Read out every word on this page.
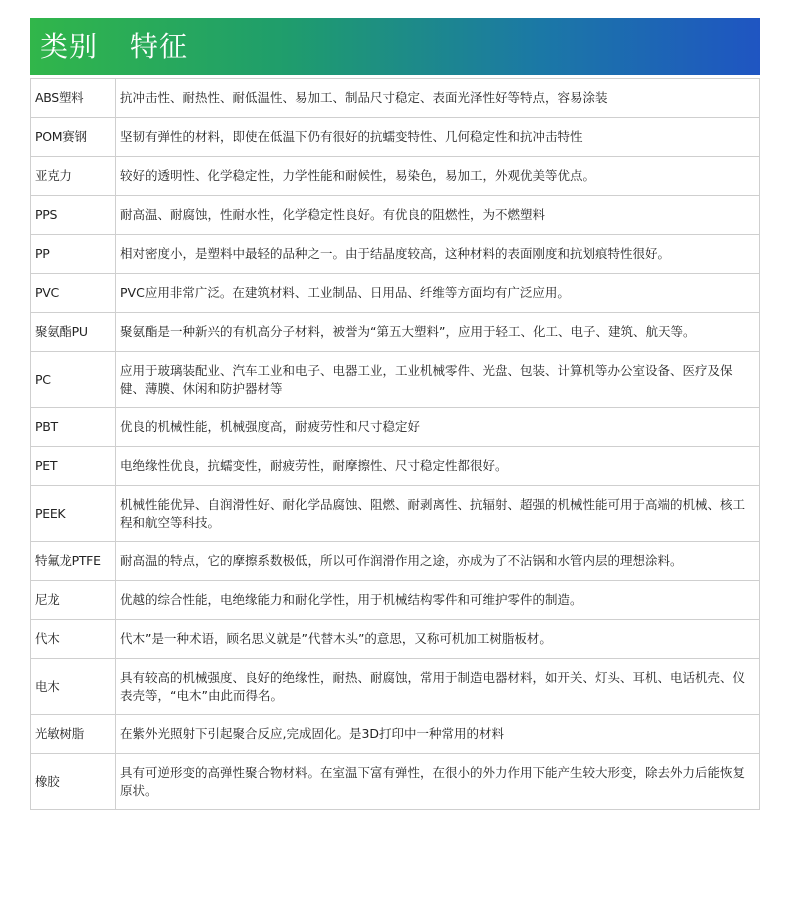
类别 特征
ABS塑料	抗冲击性、耐热性、耐低温性、易加工、制品尺寸稳定、表面光泽性好等特点，容易涂装
POM赛钢	坚韧有弹性的材料，即使在低温下仍有很好的抗蠕变特性、几何稳定性和抗冲击特性
亚克力	较好的透明性、化学稳定性，力学性能和耐候性，易染色，易加工，外观优美等优点。
PPS	耐高温、耐腐蚀，性耐水性，化学稳定性良好。有优良的阻燃性，为不燃塑料
PP	相对密度小，是塑料中最轻的品种之一。由于结晶度较高，这种材料的表面刚度和抗划痕特性很好。
PVC	PVC应用非常广泛。在建筑材料、工业制品、日用品、纤维等方面均有广泛应用。
聚氨酯PU	聚氨酯是一种新兴的有机高分子材料，被誉为“第五大塑料”，应用于轻工、化工、电子、建筑、航天等。
PC	应用于玻璃装配业、汽车工业和电子、电器工业，工业机械零件、光盘、包装、计算机等办公室设备、医疗及保健、薄膜、休闲和防护器材等
PBT	优良的机械性能，机械强度高，耐疲劳性和尺寸稳定好
PET	电绝缘性优良，抗蠕变性，耐疲劳性，耐摩擦性、尺寸稳定性都很好。
PEEK	机械性能优异、自润滑性好、耐化学品腐蚀、阻燃、耐剥离性、抗辐射、超强的机械性能可用于高端的机械、核工程和航空等科技。
特氟龙PTFE	耐高温的特点，它的摩擦系数极低，所以可作润滑作用之途，亦成为了不沾锅和水管内层的理想涂料。
尼龙	优越的综合性能，电绝缘能力和耐化学性，用于机械结构零件和可维护零件的制造。
代木	代木”是一种术语，顾名思义就是”代替木头”的意思，又称可机加工树脂板材。
电木	具有较高的机械强度、良好的绝缘性，耐热、耐腐蚀，常用于制造电器材料，如开关、灯头、耳机、电话机壳、仪表壳等，“电木”由此而得名。
光敏树脂	在紫外光照射下引起聚合反应,完成固化。是3D打印中一种常用的材料
橡胶	具有可逆形变的高弹性聚合物材料。在室温下富有弹性，在很小的外力作用下能产生较大形变，除去外力后能恢复原状。
